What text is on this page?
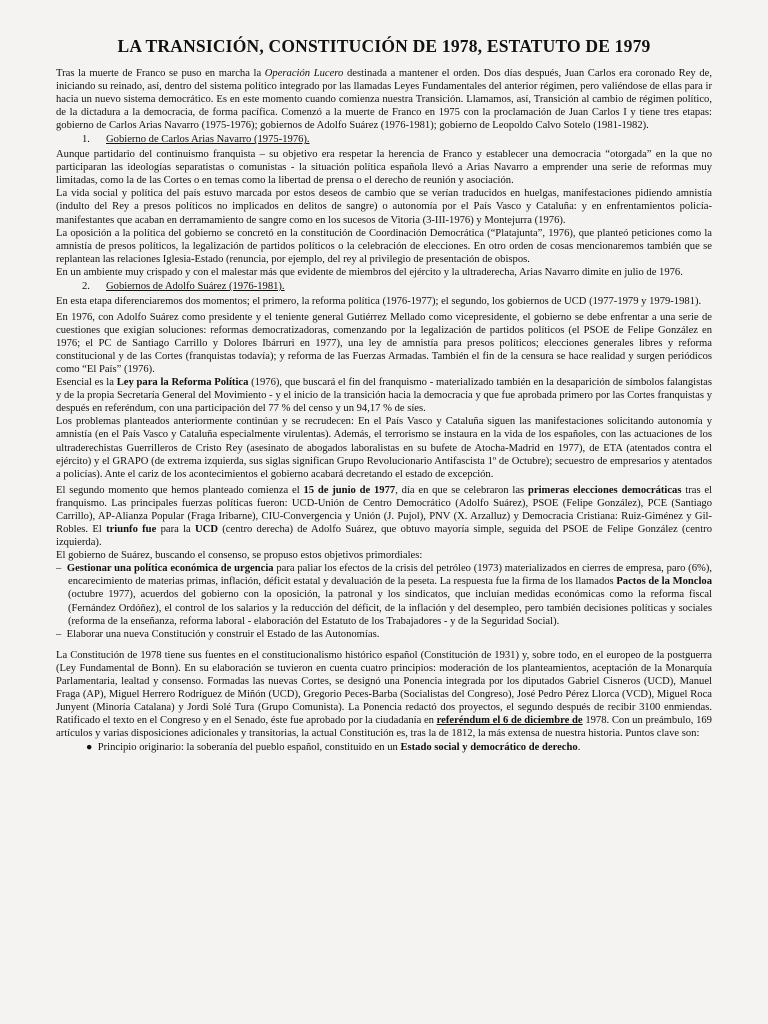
LA TRANSICIÓN, CONSTITUCIÓN DE 1978, ESTATUTO DE 1979

Tras la muerte de Franco se puso en marcha la Operación Lucero destinada a mantener el orden. Dos días después, Juan Carlos era coronado Rey de, iniciando su reinado, así, dentro del sistema político integrado por las llamadas Leyes Fundamentales del anterior régimen, pero valiéndose de ellas para ir hacia un nuevo sistema democrático. Es en este momento cuando comienza nuestra Transición. Llamamos, así, Transición al cambio de régimen político, de la dictadura a la democracia, de forma pacífica. Comenzó a la muerte de Franco en 1975 con la proclamación de Juan Carlos I y tiene tres etapas: gobierno de Carlos Arias Navarro (1975-1976); gobiernos de Adolfo Suárez (1976-1981); gobierno de Leopoldo Calvo Sotelo (1981-1982).

1.	Gobierno de Carlos Arias Navarro (1975-1976).

Aunque partidario del continuismo franquista – su objetivo era respetar la herencia de Franco y establecer una democracia “otorgada” en la que no participaran las ideologías separatistas o comunistas - la situación política española llevó a Arias Navarro a emprender una serie de reformas muy limitadas, como la de las Cortes o en temas como la libertad de prensa o el derecho de reunión y asociación.

La vida social y política del país estuvo marcada por estos deseos de cambio que se verían traducidos en huelgas, manifestaciones pidiendo amnistía (indulto del Rey a presos políticos no implicados en delitos de sangre) o autonomía por el País Vasco y Cataluña: y en enfrentamientos policía-manifestantes que acaban en derramamiento de sangre como en los sucesos de Vitoria (3-III-1976) y Montejurra (1976).

La oposición a la política del gobierno se concretó en la constitución de Coordinación Democrática (“Platajunta”, 1976), que planteó peticiones como la amnistía de presos políticos, la legalización de partidos políticos o la celebración de elecciones. En otro orden de cosas mencionaremos también que se replantean las relaciones Iglesia-Estado (renuncia, por ejemplo, del rey al privilegio de presentación de obispos.

En un ambiente muy crispado y con el malestar más que evidente de miembros del ejército y la ultraderecha, Arias Navarro dimite en julio de 1976.

2.	Gobiernos de Adolfo Suárez (1976-1981).

En esta etapa diferenciaremos dos momentos; el primero, la reforma política (1976-1977); el segundo, los gobiernos de UCD (1977-1979 y 1979-1981).

En 1976, con Adolfo Suárez como presidente y el teniente general Gutiérrez Mellado como vicepresidente, el gobierno se debe enfrentar a una serie de cuestiones que exigían soluciones: reformas democratizadoras, comenzando por la legalización de partidos políticos (el PSOE de Felipe González en 1976; el PC de Santiago Carrillo y Dolores Ibárruri en 1977), una ley de amnistía para presos políticos; elecciones generales libres y reforma constitucional y de las Cortes (franquistas todavía); y reforma de las Fuerzas Armadas. También el fin de la censura se hace realidad y surgen periódicos como “El País” (1976).

Esencial es la Ley para la Reforma Política (1976), que buscará el fin del franquismo - materializado también en la desaparición de símbolos falangistas y de la propia Secretaría General del Movimiento - y el inicio de la transición hacia la democracia y que fue aprobada primero por las Cortes franquistas y después en referéndum, con una participación del 77 % del censo y un 94,17 % de síes.

Los problemas planteados anteriormente continúan y se recrudecen: En el País Vasco y Cataluña siguen las manifestaciones solicitando autonomía y amnistía (en el País Vasco y Cataluña especialmente virulentas). Además, el terrorismo se instaura en la vida de los españoles, con las actuaciones de los ultraderechistas Guerrilleros de Cristo Rey (asesinato de abogados laboralistas en su bufete de Atocha-Madrid en 1977), de ETA (atentados contra el ejército) y el GRAPO (de extrema izquierda, sus siglas significan Grupo Revolucionario Antifascista 1º de Octubre); secuestro de empresarios y atentados a policías). Ante el cariz de los acontecimientos el gobierno acabará decretando el estado de excepción.

El segundo momento que hemos planteado comienza el 15 de junio de 1977, día en que se celebraron las primeras elecciones democráticas tras el franquismo. Las principales fuerzas políticas fueron: UCD-Unión de Centro Democrático (Adolfo Suárez), PSOE (Felipe González), PCE (Santiago Carrillo), AP-Alianza Popular (Fraga Iribarne), CIU-Convergencia y Unión (J. Pujol), PNV (X. Arzalluz) y Democracia Cristiana: Ruiz-Giménez y Gil-Robles. El triunfo fue para la UCD (centro derecha) de Adolfo Suárez, que obtuvo mayoría simple, seguida del PSOE de Felipe González (centro izquierda).

El gobierno de Suárez, buscando el consenso, se propuso estos objetivos primordiales:

–  Gestionar una política económica de urgencia para paliar los efectos de la crisis del petróleo (1973) materializados en cierres de empresa, paro (6%), encarecimiento de materias primas, inflación, déficit estatal y devaluación de la peseta. La respuesta fue la firma de los llamados Pactos de la Moncloa (octubre 1977), acuerdos del gobierno con la oposición, la patronal y los sindicatos, que incluían medidas económicas como la reforma fiscal (Fernández Ordóñez), el control de los salarios y la reducción del déficit, de la inflación y del desempleo, pero también decisiones políticas y sociales (reforma de la enseñanza, reforma laboral - elaboración del Estatuto de los Trabajadores - y de la Seguridad Social).
–  Elaborar una nueva Constitución y construir el Estado de las Autonomías.

La Constitución de 1978 tiene sus fuentes en el constitucionalismo histórico español (Constitución de 1931) y, sobre todo, en el europeo de la postguerra (Ley Fundamental de Bonn). En su elaboración se tuvieron en cuenta cuatro principios: moderación de los planteamientos, aceptación de la Monarquía Parlamentaria, lealtad y consenso. Formadas las nuevas Cortes, se designó una Ponencia integrada por los diputados Gabriel Cisneros (UCD), Manuel Fraga (AP), Miguel Herrero Rodríguez de Miñón (UCD), Gregorio Peces-Barba (Socialistas del Congreso), José Pedro Pérez Llorca (VCD), Miguel Roca Junyent (Minoría Catalana) y Jordi Solé Tura (Grupo Comunista). La Ponencia redactó dos proyectos, el segundo después de recibir 3100 enmiendas. Ratificado el texto en el Congreso y en el Senado, éste fue aprobado por la ciudadanía en referéndum el 6 de diciembre de 1978. Con un preámbulo, 169 artículos y varias disposiciones adicionales y transitorias, la actual Constitución es, tras la de 1812, la más extensa de nuestra historia. Puntos clave son:

●  Principio originario: la soberanía del pueblo español, constituido en un Estado social y democrático de derecho.
